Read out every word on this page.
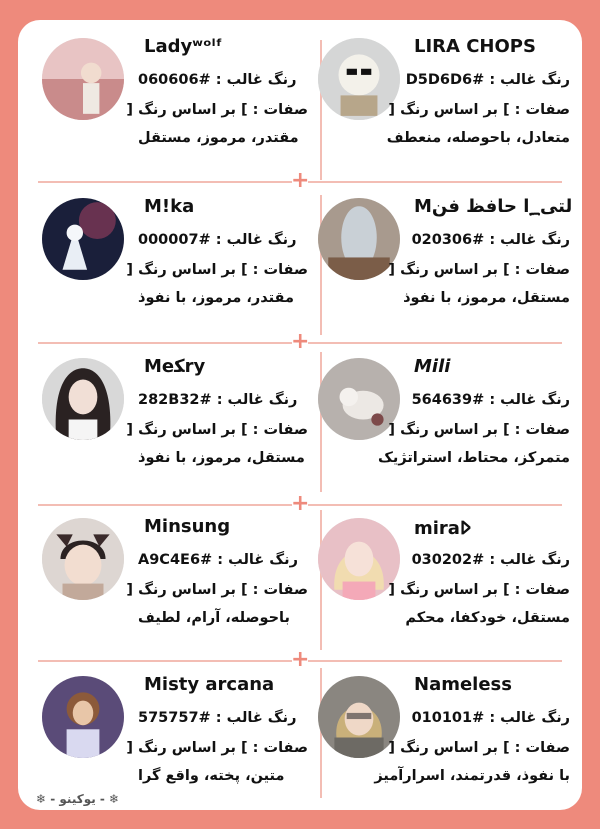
+
+
+
+
Ladyʷᵒˡᶠ
رنگ غالب : #060606
صفات : ] بر اساس رنگ [
مقتدر، مرموز، مستقل
LIRA CHOPS
رنگ غالب : #D5D6D6
صفات : ] بر اساس رنگ [
متعادل، باحوصله، منعطف
M!ka
رنگ غالب : #000007
صفات : ] بر اساس رنگ [
مقتدر، مرموز، با نفوذ
M؁ا حافظ فن⁦لتی⁩
رنگ غالب : #020306
صفات : ] بر اساس رنگ [
مستقل، مرموز، با نفوذ
Meﻜry
رنگ غالب : #282B32
صفات : ] بر اساس رنگ [
مستقل، مرموز، با نفوذ
Mili
رنگ غالب : #564639
صفات : ] بر اساس رنگ [
متمرکز، محتاط، استراتژیک
Minsung
رنگ غالب : #A9C4E6
صفات : ] بر اساس رنگ [
باحوصله، آرام، لطیف
mira𐰷
رنگ غالب : #030202
صفات : ] بر اساس رنگ [
مستقل، خودکفا، محکم
Misty arcana
رنگ غالب : #575757
صفات : ] بر اساس رنگ [
متین، پخته، واقع گرا
Nameless
رنگ غالب : #010101
صفات : ] بر اساس رنگ [
با نفوذ، قدرتمند، اسرارآمیز
❄ - یوکینو - ❄
